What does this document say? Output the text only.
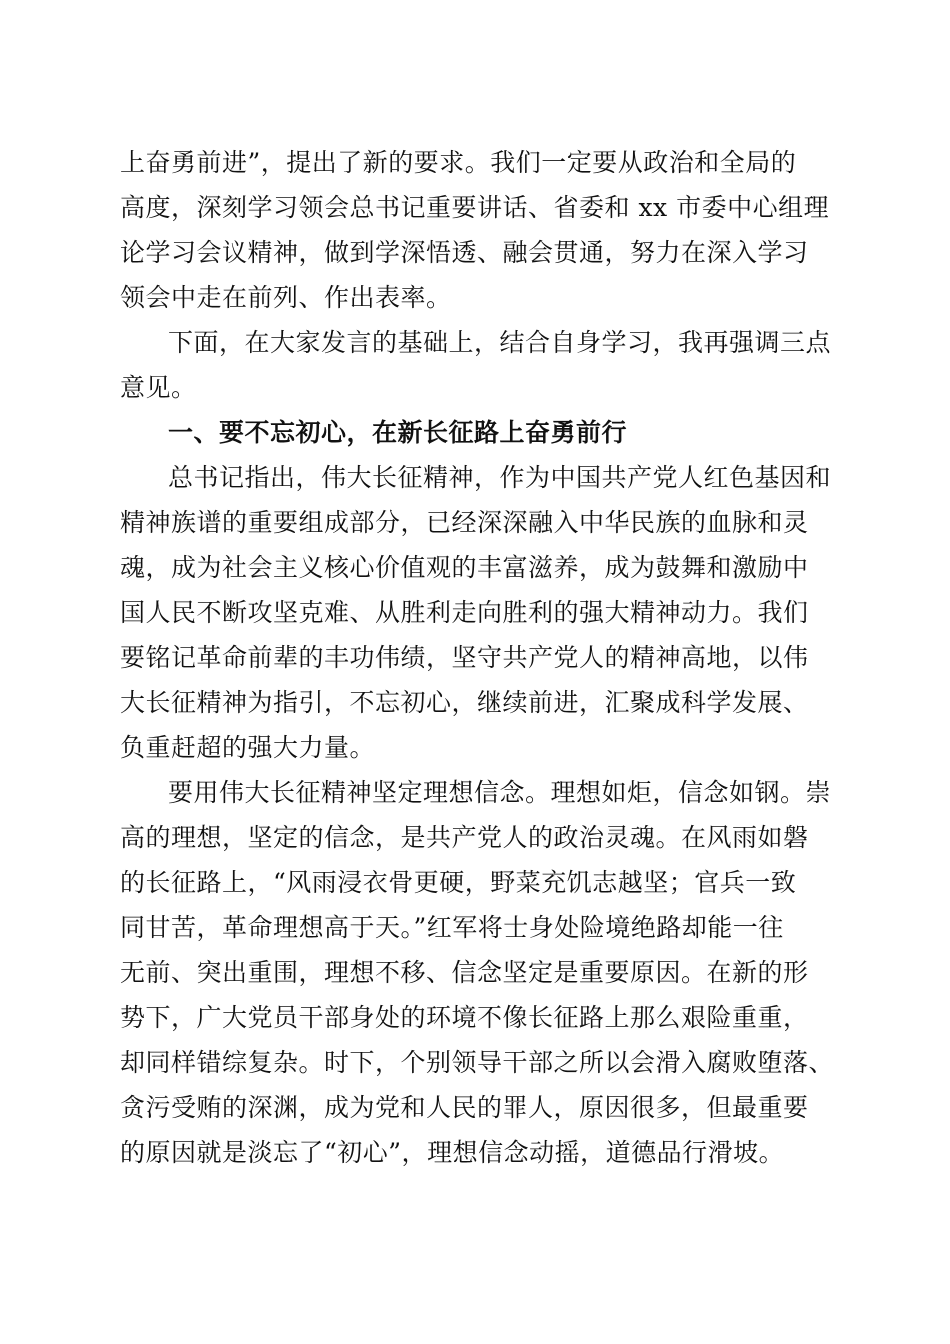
上奋勇前进”，提出了新的要求。我们一定要从政治和全局的
高度，深刻学习领会总书记重要讲话、省委和 xx 市委中心组理
论学习会议精神，做到学深悟透、融会贯通，努力在深入学习
领会中走在前列、作出表率。
下面，在大家发言的基础上，结合自身学习，我再强调三点
意见。
一、要不忘初心，在新长征路上奋勇前行
总书记指出，伟大长征精神，作为中国共产党人红色基因和
精神族谱的重要组成部分，已经深深融入中华民族的血脉和灵
魂，成为社会主义核心价值观的丰富滋养，成为鼓舞和激励中
国人民不断攻坚克难、从胜利走向胜利的强大精神动力。我们
要铭记革命前辈的丰功伟绩，坚守共产党人的精神高地，以伟
大长征精神为指引，不忘初心，继续前进，汇聚成科学发展、
负重赶超的强大力量。
要用伟大长征精神坚定理想信念。理想如炬，信念如钢。崇
高的理想，坚定的信念，是共产党人的政治灵魂。在风雨如磐
的长征路上，“风雨浸衣骨更硬，野菜充饥志越坚；官兵一致
同甘苦，革命理想高于天。”红军将士身处险境绝路却能一往
无前、突出重围，理想不移、信念坚定是重要原因。在新的形
势下，广大党员干部身处的环境不像长征路上那么艰险重重，
却同样错综复杂。时下，个别领导干部之所以会滑入腐败堕落、
贪污受贿的深渊，成为党和人民的罪人，原因很多，但最重要
的原因就是淡忘了“初心”，理想信念动摇，道德品行滑坡。
